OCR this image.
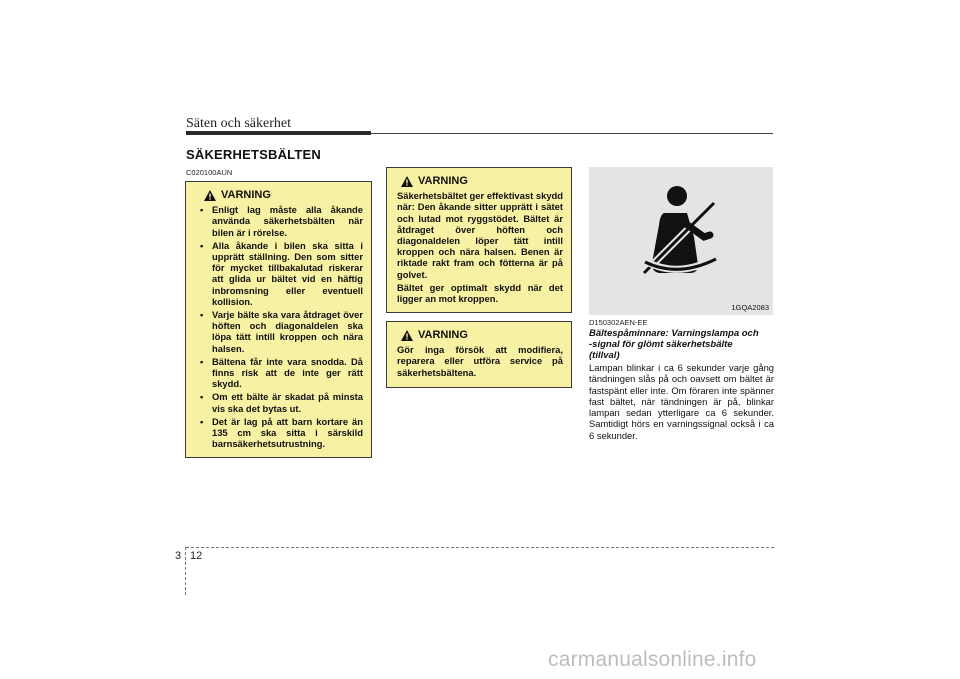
Säten och säkerhet
SÄKERHETSBÄLTEN
C020100AUN
VARNING
• Enligt lag måste alla åkande använda säkerhetsbälten när bilen är i rörelse.
• Alla åkande i bilen ska sitta i upprätt ställning. Den som sitter för mycket tillbakalutad riskerar att glida ur bältet vid en häftig inbromsning eller eventuell kollision.
• Varje bälte ska vara åtdraget över höften och diagonaldelen ska löpa tätt intill kroppen och nära halsen.
• Bältena får inte vara snodda. Då finns risk att de inte ger rätt skydd.
• Om ett bälte är skadat på minsta vis ska det bytas ut.
• Det är lag på att barn kortare än 135 cm ska sitta i särskild barnsäkerhetsutrustning.
VARNING

Säkerhetsbältet ger effektivast skydd när: Den åkande sitter upprätt i sätet och lutad mot ryggstödet. Bältet är åtdraget över höften och diagonaldelen löper tätt intill kroppen och nära halsen. Benen är riktade rakt fram och fötterna är på golvet.

Bältet ger optimalt skydd när det ligger an mot kroppen.

VARNING

Gör inga försök att modifiera, reparera eller utföra service på säkerhetsbältena.

1GQA2083
D150302AEN-EE
Bältespåminnare: Varningslampa och -signal för glömt säkerhetsbälte (tillval)
Lampan blinkar i ca 6 sekunder varje gång tändningen slås på och oavsett om bältet är fastspänt eller inte. Om föraren inte spänner fast bältet, när tändningen är på, blinkar lampan sedan ytterligare ca 6 sekunder. Samtidigt hörs en varningssignal också i ca 6 sekunder.
3 12
carmanualsonline.info
